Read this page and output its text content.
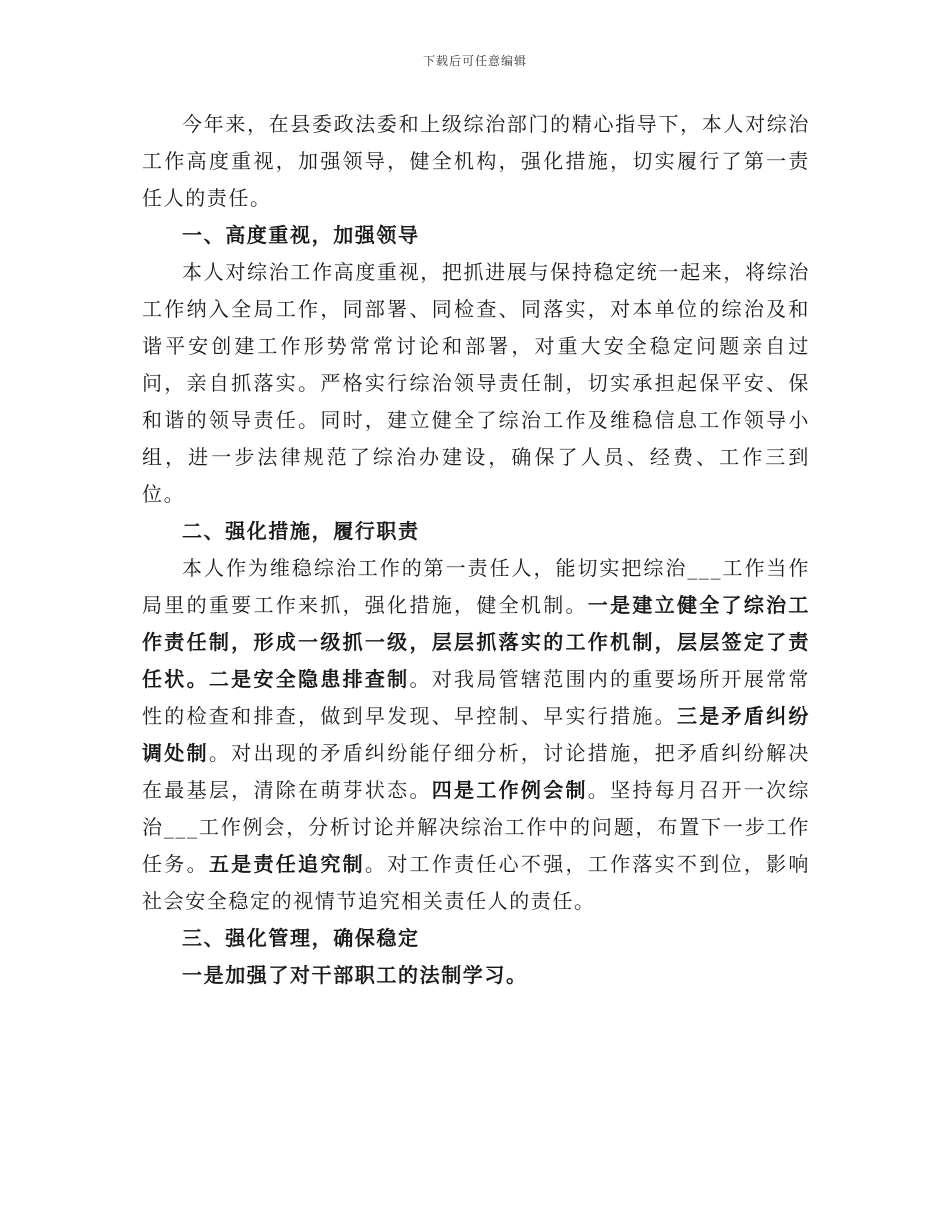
下载后可任意编辑

今年来，在县委政法委和上级综治部门的精心指导下，本人对综治工作高度重视，加强领导，健全机构，强化措施，切实履行了第一责任人的责任。

一、高度重视，加强领导

本人对综治工作高度重视，把抓进展与保持稳定统一起来，将综治工作纳入全局工作，同部署、同检查、同落实，对本单位的综治及和谐平安创建工作形势常常讨论和部署，对重大安全稳定问题亲自过问，亲自抓落实。严格实行综治领导责任制，切实承担起保平安、保和谐的领导责任。同时，建立健全了综治工作及维稳信息工作领导小组，进一步法律规范了综治办建设，确保了人员、经费、工作三到位。

二、强化措施，履行职责

本人作为维稳综治工作的第一责任人，能切实把综治___工作当作局里的重要工作来抓，强化措施，健全机制。一是建立健全了综治工作责任制，形成一级抓一级，层层抓落实的工作机制，层层签定了责任状。二是安全隐患排查制。对我局管辖范围内的重要场所开展常常性的检查和排查，做到早发现、早控制、早实行措施。三是矛盾纠纷调处制。对出现的矛盾纠纷能仔细分析，讨论措施，把矛盾纠纷解决在最基层，清除在萌芽状态。四是工作例会制。坚持每月召开一次综治___工作例会，分析讨论并解决综治工作中的问题，布置下一步工作任务。五是责任追究制。对工作责任心不强，工作落实不到位，影响社会安全稳定的视情节追究相关责任人的责任。

三、强化管理，确保稳定

一是加强了对干部职工的法制学习。
